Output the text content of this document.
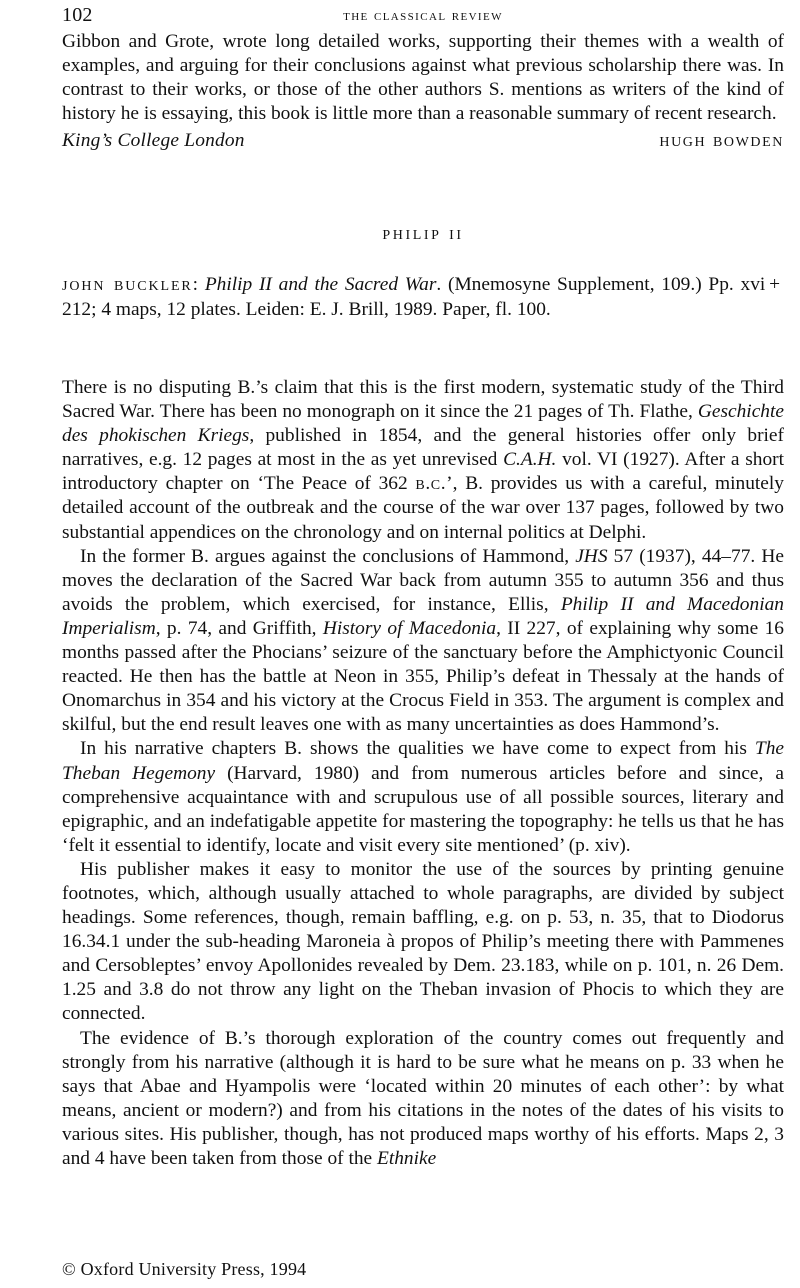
102	the classical review

Gibbon and Grote, wrote long detailed works, supporting their themes with a wealth of examples, and arguing for their conclusions against what previous scholarship there was. In contrast to their works, or those of the other authors S. mentions as writers of the kind of history he is essaying, this book is little more than a reasonable summary of recent research.

King’s College London	hugh bowden
philip ii

john buckler: Philip II and the Sacred War. (Mnemosyne Supplement, 109.) Pp. xvi + 212; 4 maps, 12 plates. Leiden: E. J. Brill, 1989. Paper, fl. 100.

There is no disputing B.’s claim that this is the first modern, systematic study of the Third Sacred War. There has been no monograph on it since the 21 pages of Th. Flathe, Geschichte des phokischen Kriegs, published in 1854, and the general histories offer only brief narratives, e.g. 12 pages at most in the as yet unrevised C.A.H. vol. VI (1927). After a short introductory chapter on ‘The Peace of 362 b.c.’, B. provides us with a careful, minutely detailed account of the outbreak and the course of the war over 137 pages, followed by two substantial appendices on the chronology and on internal politics at Delphi.

In the former B. argues against the conclusions of Hammond, JHS 57 (1937), 44–77. He moves the declaration of the Sacred War back from autumn 355 to autumn 356 and thus avoids the problem, which exercised, for instance, Ellis, Philip II and Macedonian Imperialism, p. 74, and Griffith, History of Macedonia, II 227, of explaining why some 16 months passed after the Phocians’ seizure of the sanctuary before the Amphictyonic Council reacted. He then has the battle at Neon in 355, Philip’s defeat in Thessaly at the hands of Onomarchus in 354 and his victory at the Crocus Field in 353. The argument is complex and skilful, but the end result leaves one with as many uncertainties as does Hammond’s.

In his narrative chapters B. shows the qualities we have come to expect from his The Theban Hegemony (Harvard, 1980) and from numerous articles before and since, a comprehensive acquaintance with and scrupulous use of all possible sources, literary and epigraphic, and an indefatigable appetite for mastering the topography: he tells us that he has ‘felt it essential to identify, locate and visit every site mentioned’ (p. xiv).

His publisher makes it easy to monitor the use of the sources by printing genuine footnotes, which, although usually attached to whole paragraphs, are divided by subject headings. Some references, though, remain baffling, e.g. on p. 53, n. 35, that to Diodorus 16.34.1 under the sub-heading Maroneia à propos of Philip’s meeting there with Pammenes and Cersobleptes’ envoy Apollonides revealed by Dem. 23.183, while on p. 101, n. 26 Dem. 1.25 and 3.8 do not throw any light on the Theban invasion of Phocis to which they are connected.

The evidence of B.’s thorough exploration of the country comes out frequently and strongly from his narrative (although it is hard to be sure what he means on p. 33 when he says that Abae and Hyampolis were ‘located within 20 minutes of each other’: by what means, ancient or modern?) and from his citations in the notes of the dates of his visits to various sites. His publisher, though, has not produced maps worthy of his efforts. Maps 2, 3 and 4 have been taken from those of the Ethnike

© Oxford University Press, 1994
